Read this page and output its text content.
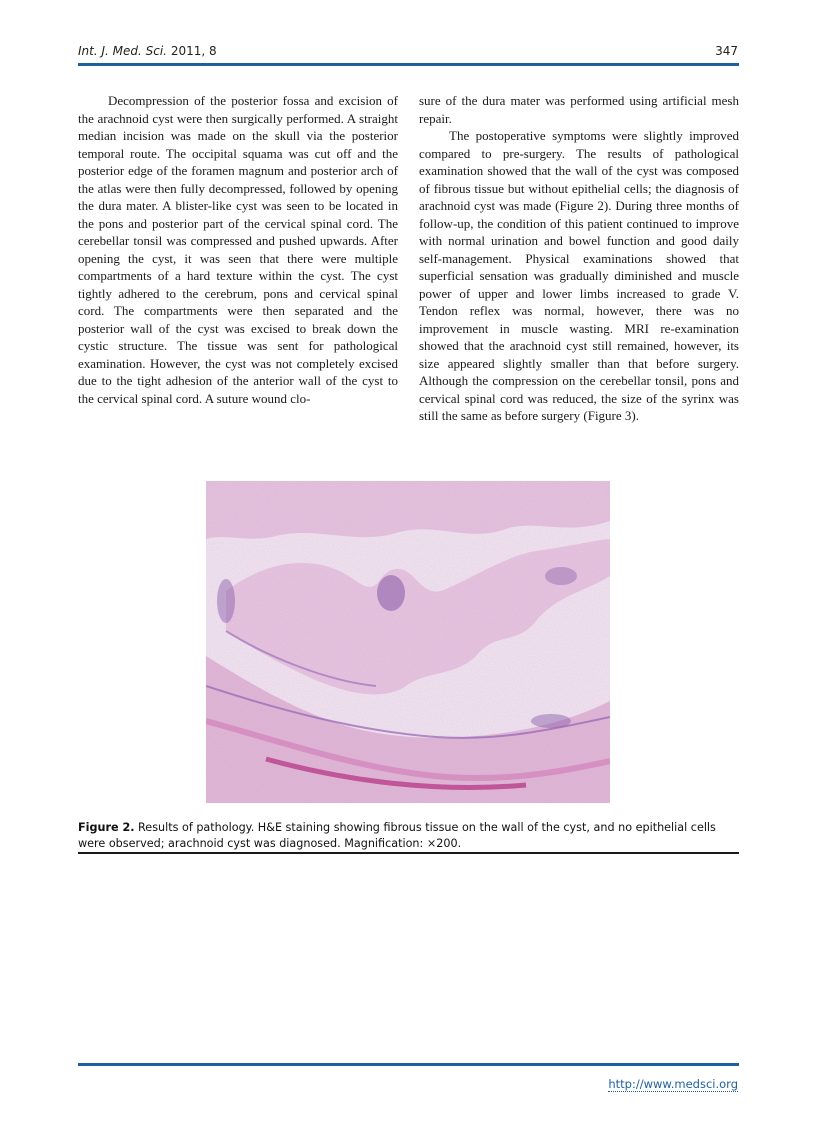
Int. J. Med. Sci. 2011, 8	347

Decompression of the posterior fossa and excision of the arachnoid cyst were then surgically performed. A straight median incision was made on the skull via the posterior temporal route. The occipital squama was cut off and the posterior edge of the foramen magnum and posterior arch of the atlas were then fully decompressed, followed by opening the dura mater. A blister-like cyst was seen to be located in the pons and posterior part of the cervical spinal cord. The cerebellar tonsil was compressed and pushed upwards. After opening the cyst, it was seen that there were multiple compartments of a hard texture within the cyst. The cyst tightly adhered to the cerebrum, pons and cervical spinal cord. The compartments were then separated and the posterior wall of the cyst was excised to break down the cystic structure. The tissue was sent for pathological examination. However, the cyst was not completely excised due to the tight adhesion of the anterior wall of the cyst to the cervical spinal cord. A suture wound clo-

sure of the dura mater was performed using artificial mesh repair.

The postoperative symptoms were slightly improved compared to pre-surgery. The results of pathological examination showed that the wall of the cyst was composed of fibrous tissue but without epithelial cells; the diagnosis of arachnoid cyst was made (Figure 2). During three months of follow-up, the condition of this patient continued to improve with normal urination and bowel function and good daily self-management. Physical examinations showed that superficial sensation was gradually diminished and muscle power of upper and lower limbs increased to grade V. Tendon reflex was normal, however, there was no improvement in muscle wasting. MRI re-examination showed that the arachnoid cyst still remained, however, its size appeared slightly smaller than that before surgery. Although the compression on the cerebellar tonsil, pons and cervical spinal cord was reduced, the size of the syrinx was still the same as before surgery (Figure 3).

Figure 2. Results of pathology. H&E staining showing fibrous tissue on the wall of the cyst, and no epithelial cells were observed; arachnoid cyst was diagnosed. Magnification: ×200.
http://www.medsci.org
